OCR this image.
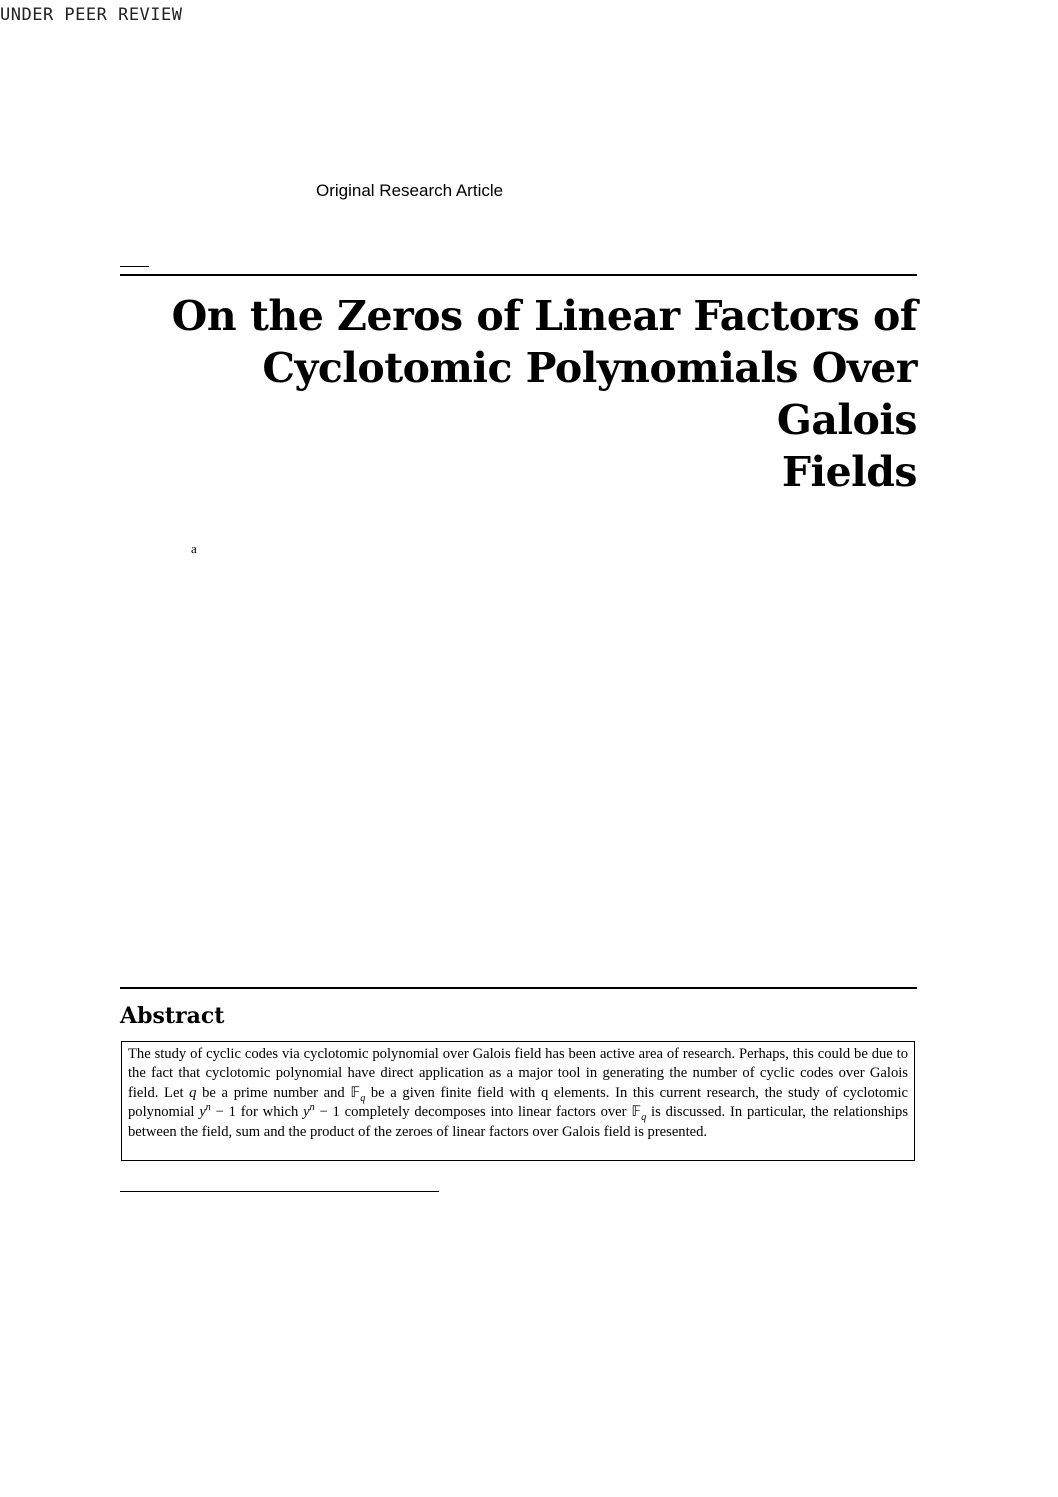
UNDER PEER REVIEW
Original Research Article
On the Zeros of Linear Factors of
Cyclotomic Polynomials Over Galois
Fields
a
Abstract
The study of cyclic codes via cyclotomic polynomial over Galois field has been active area of research. Perhaps, this could be due to the fact that cyclotomic polynomial have direct application as a major tool in generating the number of cyclic codes over Galois field. Let q be a prime number and 𝔽$_q$ be a given finite field with q elements. In this current research, the study of cyclotomic polynomial $y^n - 1$ for which $y^n - 1$ completely decomposes into linear factors over 𝔽$_q$ is discussed. In particular, the relationships between the field, sum and the product of the zeroes of linear factors over Galois field is presented.
